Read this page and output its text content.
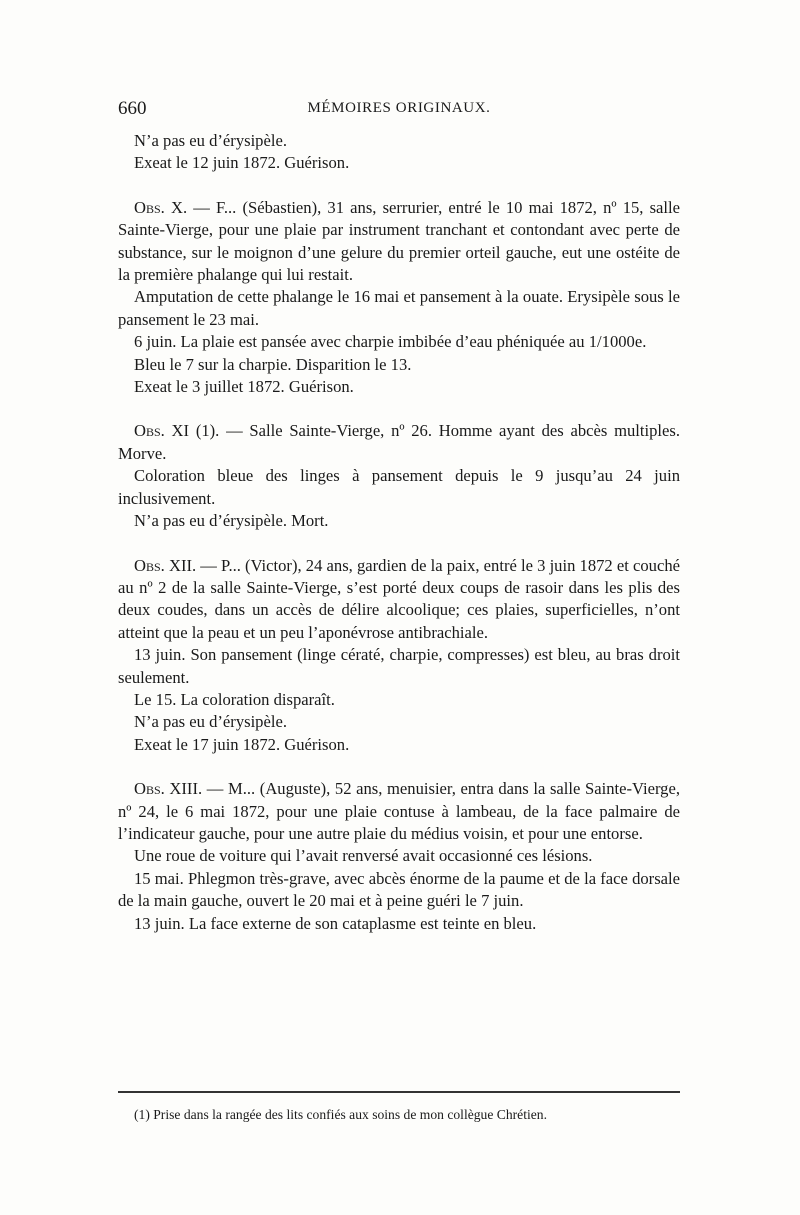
660	MÉMOIRES ORIGINAUX.

N’a pas eu d’érysipèle.

Exeat le 12 juin 1872. Guérison.

Obs. X. — F... (Sébastien), 31 ans, serrurier, entré le 10 mai 1872, nº 15, salle Sainte-Vierge, pour une plaie par instrument tranchant et contondant avec perte de substance, sur le moignon d’une gelure du premier orteil gauche, eut une ostéite de la première phalange qui lui restait.

Amputation de cette phalange le 16 mai et pansement à la ouate. Erysipèle sous le pansement le 23 mai.

6 juin. La plaie est pansée avec charpie imbibée d’eau phéniquée au 1/1000e.

Bleu le 7 sur la charpie. Disparition le 13.

Exeat le 3 juillet 1872. Guérison.

Obs. XI (1). — Salle Sainte-Vierge, nº 26. Homme ayant des abcès multiples. Morve.

Coloration bleue des linges à pansement depuis le 9 jusqu’au 24 juin inclusivement.

N’a pas eu d’érysipèle. Mort.

Obs. XII. — P... (Victor), 24 ans, gardien de la paix, entré le 3 juin 1872 et couché au nº 2 de la salle Sainte-Vierge, s’est porté deux coups de rasoir dans les plis des deux coudes, dans un accès de délire alcoolique; ces plaies, superficielles, n’ont atteint que la peau et un peu l’aponévrose antibrachiale.

13 juin. Son pansement (linge cératé, charpie, compresses) est bleu, au bras droit seulement.

Le 15. La coloration disparaît.

N’a pas eu d’érysipèle.

Exeat le 17 juin 1872. Guérison.

Obs. XIII. — M... (Auguste), 52 ans, menuisier, entra dans la salle Sainte-Vierge, nº 24, le 6 mai 1872, pour une plaie contuse à lambeau, de la face palmaire de l’indicateur gauche, pour une autre plaie du médius voisin, et pour une entorse.

Une roue de voiture qui l’avait renversé avait occasionné ces lésions.

15 mai. Phlegmon très-grave, avec abcès énorme de la paume et de la face dorsale de la main gauche, ouvert le 20 mai et à peine guéri le 7 juin.

13 juin. La face externe de son cataplasme est teinte en bleu.

(1) Prise dans la rangée des lits confiés aux soins de mon collègue Chrétien.
